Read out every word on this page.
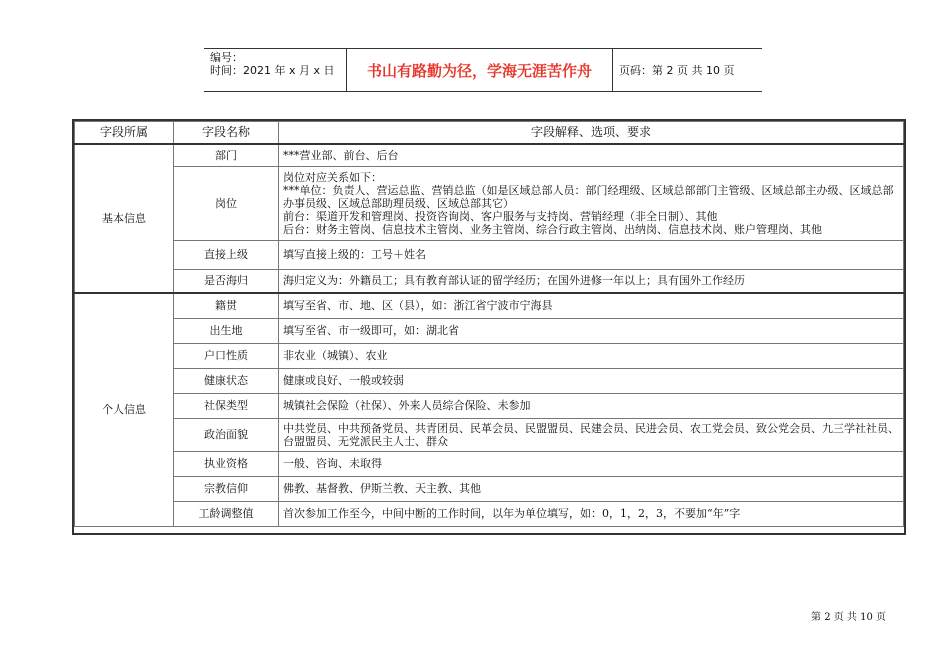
编号：
时间：2021 年 x 月 x 日	书山有路勤为径，学海无涯苦作舟	页码：第 2 页 共 10 页
字段所属	字段名称	字段解释、选项、要求
基本信息	部门	***营业部、前台、后台
	岗位	岗位对应关系如下：
***单位：负责人、营运总监、营销总监（如是区域总部人员：部门经理级、区域总部部门主管级、区域总部主办级、区域总部办事员级、区域总部助理员级、区域总部其它）
前台：渠道开发和管理岗、投资咨询岗、客户服务与支持岗、营销经理（非全日制）、其他
后台：财务主管岗、信息技术主管岗、业务主管岗、综合行政主管岗、出纳岗、信息技术岗、账户管理岗、其他

	直接上级	填写直接上级的：工号＋姓名
	是否海归	海归定义为：外籍员工；具有教育部认证的留学经历；在国外进修一年以上；具有国外工作经历
个人信息	籍贯	填写至省、市、地、区（县），如：浙江省宁波市宁海县
	出生地	填写至省、市一级即可，如：湖北省
	户口性质	非农业（城镇）、农业
	健康状态	健康或良好、一般或较弱
	社保类型	城镇社会保险（社保）、外来人员综合保险、未参加
	政治面貌	中共党员、中共预备党员、共青团员、民革会员、民盟盟员、民建会员、民进会员、农工党会员、致公党会员、九三学社社员、台盟盟员、无党派民主人士、群众
	执业资格	一般、咨询、未取得
	宗教信仰	佛教、基督教、伊斯兰教、天主教、其他
	工龄调整值	首次参加工作至今，中间中断的工作时间，以年为单位填写，如：0，1，2，3，不要加“年”字
第 2 页 共 10 页
